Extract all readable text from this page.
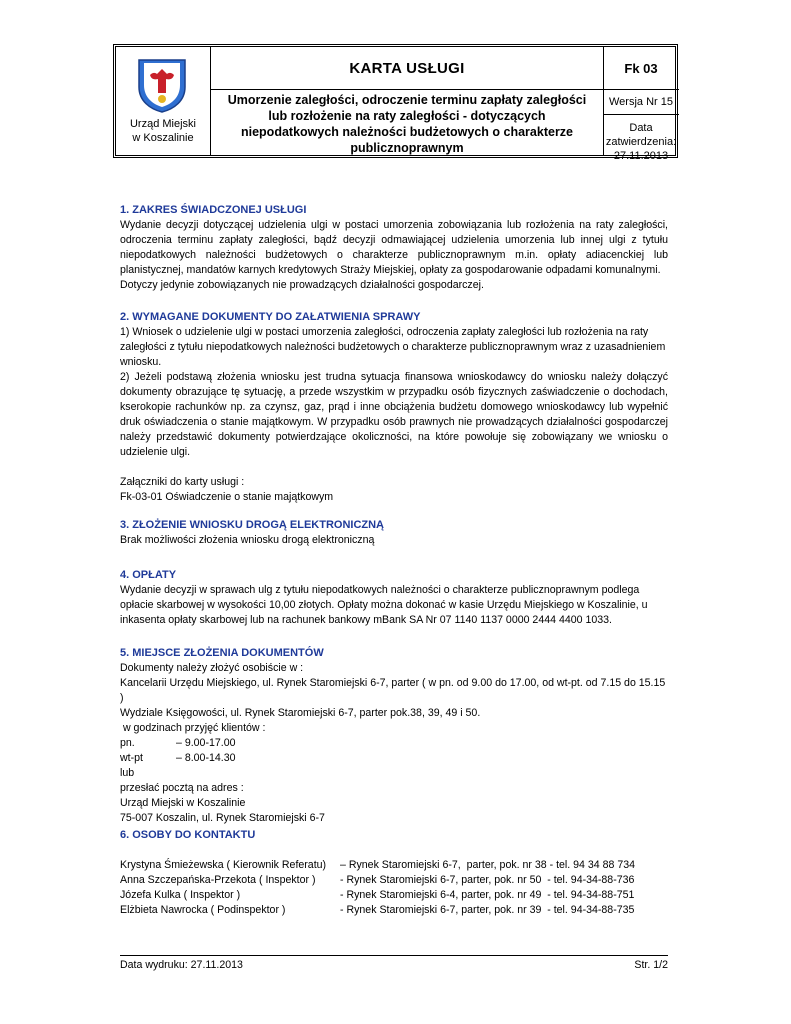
Urząd Miejski
w Koszalinie
KARTA USŁUGI
Umorzenie zaległości, odroczenie terminu zapłaty zaległości lub rozłożenie na raty zaległości - dotyczących niepodatkowych należności budżetowych o charakterze publicznoprawnym
Fk 03
Wersja Nr 15
Data zatwierdzenia:
27.11.2013

1. ZAKRES ŚWIADCZONEJ USŁUGI

Wydanie decyzji dotyczącej udzielenia ulgi w postaci umorzenia zobowiązania lub rozłożenia na raty zaległości, odroczenia terminu zapłaty zaległości, bądź decyzji odmawiającej udzielenia umorzenia lub innej ulgi z tytułu niepodatkowych należności budżetowych o charakterze publicznoprawnym m.in. opłaty adiacenckiej lub planistycznej, mandatów karnych kredytowych Straży Miejskiej, opłaty za gospodarowanie odpadami komunalnymi.

Dotyczy jedynie zobowiązanych nie prowadzących działalności gospodarczej.

2. WYMAGANE DOKUMENTY DO ZAŁATWIENIA SPRAWY

1) Wniosek o udzielenie ulgi w postaci umorzenia zaległości, odroczenia zapłaty zaległości lub rozłożenia na raty zaległości z tytułu niepodatkowych należności budżetowych o charakterze publicznoprawnym wraz z uzasadnieniem wniosku.

2) Jeżeli podstawą złożenia wniosku jest trudna sytuacja finansowa wnioskodawcy do wniosku należy dołączyć dokumenty obrazujące tę sytuację, a przede wszystkim w przypadku osób fizycznych zaświadczenie o dochodach, kserokopie rachunków np. za czynsz, gaz, prąd i inne obciążenia budżetu domowego wnioskodawcy lub wypełnić druk oświadczenia o stanie majątkowym. W przypadku osób prawnych nie prowadzących działalności gospodarczej należy przedstawić dokumenty potwierdzające okoliczności, na które powołuje się zobowiązany we wniosku o udzielenie ulgi.

Załączniki do karty usługi :

Fk-03-01 Oświadczenie o stanie majątkowym

3. ZŁOŻENIE WNIOSKU DROGĄ ELEKTRONICZNĄ

Brak możliwości złożenia wniosku drogą elektroniczną

4. OPŁATY

Wydanie decyzji w sprawach ulg z tytułu niepodatkowych należności o charakterze publicznoprawnym podlega opłacie skarbowej w wysokości 10,00 złotych. Opłaty można dokonać w kasie Urzędu Miejskiego w Koszalinie, u inkasenta opłaty skarbowej lub na rachunek bankowy mBank SA Nr 07 1140 1137 0000 2444 4400 1033.

5. MIEJSCE ZŁOŻENIA DOKUMENTÓW

Dokumenty należy złożyć osobiście w :

Kancelarii Urzędu Miejskiego, ul. Rynek Staromiejski 6-7, parter ( w pn. od 9.00 do 17.00, od wt-pt. od 7.15 do 15.15 )

Wydziale Księgowości, ul. Rynek Staromiejski 6-7, parter pok.38, 39, 49 i 50.

w godzinach przyjęć klientów :

pn.	– 9.00-17.00
wt-pt	– 8.00-14.30

lub

przesłać pocztą na adres :

Urząd Miejski w Koszalinie

75-007 Koszalin, ul. Rynek Staromiejski 6-7

6. OSOBY DO KONTAKTU

Krystyna Śmieżewska ( Kierownik Referatu)	– Rynek Staromiejski 6-7,  parter, pok. nr 38 - tel. 94 34 88 734
Anna Szczepańska-Przekota ( Inspektor )	- Rynek Staromiejski 6-7, parter, pok. nr 50  - tel. 94-34-88-736
Józefa Kulka ( Inspektor )	- Rynek Staromiejski 6-4, parter, pok. nr 49  - tel. 94-34-88-751
Elżbieta Nawrocka ( Podinspektor )	- Rynek Staromiejski 6-7, parter, pok. nr 39  - tel. 94-34-88-735
Data wydruku: 27.11.2013	Str. 1/2
